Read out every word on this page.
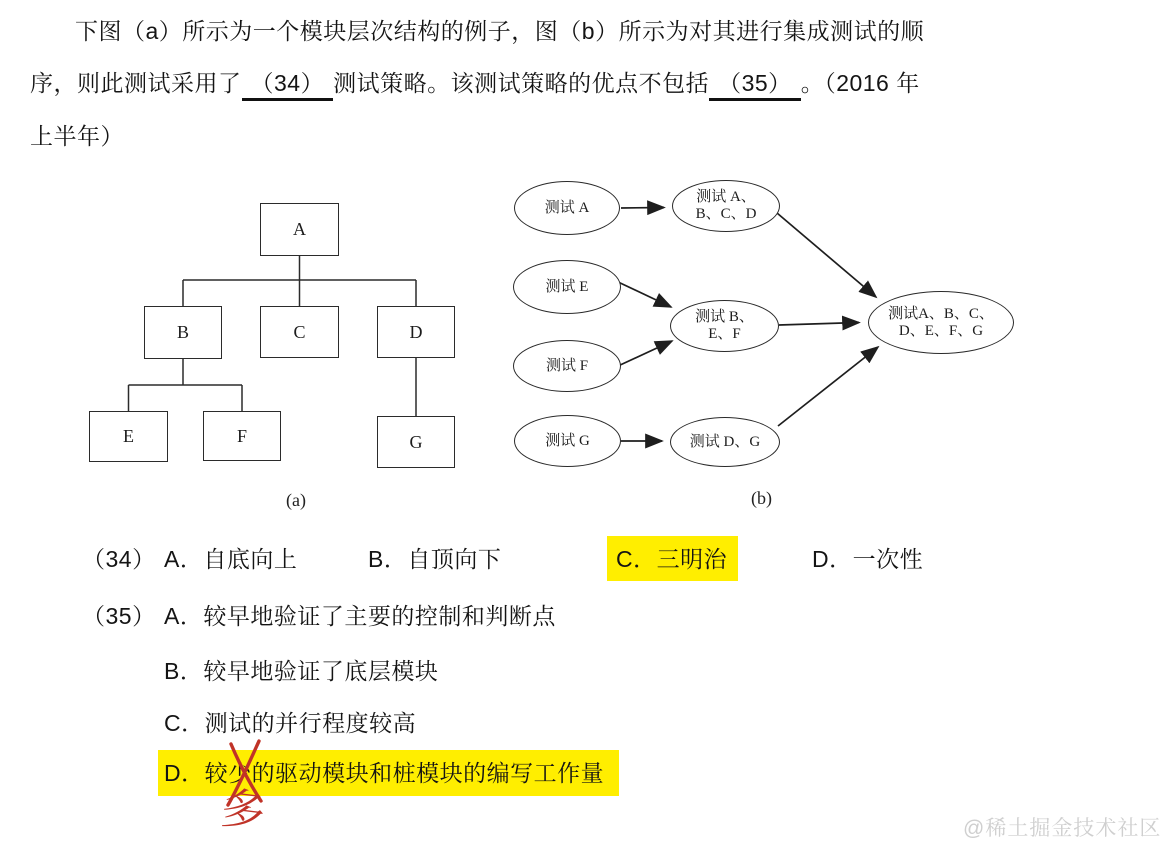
下图（a）所示为一个模块层次结构的例子，图（b）所示为对其进行集成测试的顺
序，则此测试采用了 （34） 测试策略。该测试策略的优点不包括 （35） 。（2016 年
上半年）
A
B	C	D
E	F	G
(a)
测试 A
测试 A、
B、C、D
测试 E
测试 F
测试 B、
E、F
测试 G	测试 D、G
测试A、B、C、
D、E、F、G
(b)
（34） A．自底向上	B．自顶向下	C．三明治	D．一次性
（35） A．较早地验证了主要的控制和判断点
B．较早地验证了底层模块
C．测试的并行程度较高
D．较少的驱动模块和桩模块的编写工作量
多	@稀土掘金技术社区
